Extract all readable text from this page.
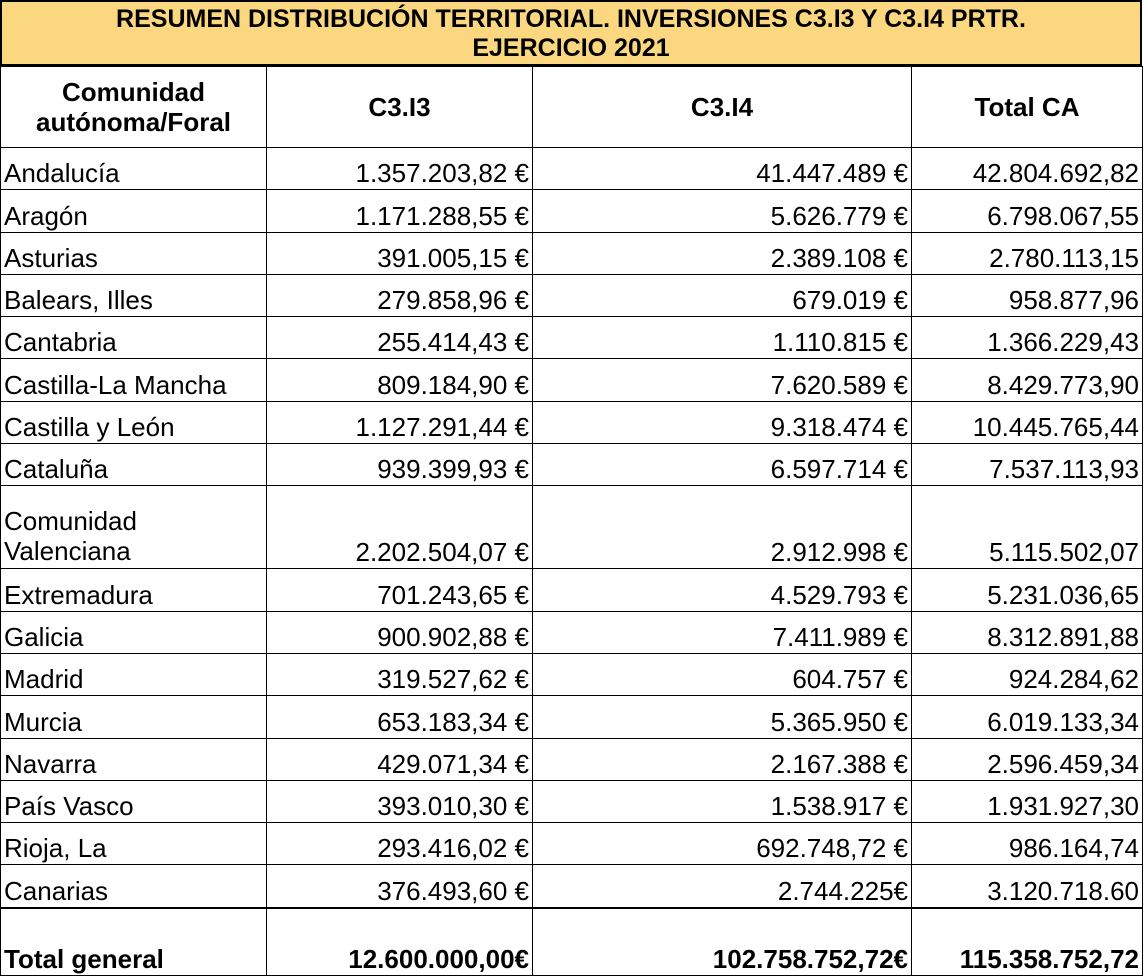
RESUMEN DISTRIBUCIÓN TERRITORIAL. INVERSIONES C3.I3 Y C3.I4 PRTR.
EJERCICIO 2021
Comunidad autónoma/Foral	C3.I3	C3.I4	Total CA
Andalucía	1.357.203,82 €	41.447.489 €	42.804.692,82
Aragón	1.171.288,55 €	5.626.779 €	6.798.067,55
Asturias	391.005,15 €	2.389.108 €	2.780.113,15
Balears, Illes	279.858,96 €	679.019 €	958.877,96
Cantabria	255.414,43 €	1.110.815 €	1.366.229,43
Castilla-La Mancha	809.184,90 €	7.620.589 €	8.429.773,90
Castilla y León	1.127.291,44 €	9.318.474 €	10.445.765,44
Cataluña	939.399,93 €	6.597.714 €	7.537.113,93
Comunidad Valenciana	2.202.504,07 €	2.912.998 €	5.115.502,07
Extremadura	701.243,65 €	4.529.793 €	5.231.036,65
Galicia	900.902,88 €	7.411.989 €	8.312.891,88
Madrid	319.527,62 €	604.757 €	924.284,62
Murcia	653.183,34 €	5.365.950 €	6.019.133,34
Navarra	429.071,34 €	2.167.388 €	2.596.459,34
País Vasco	393.010,30 €	1.538.917 €	1.931.927,30
Rioja, La	293.416,02 €	692.748,72 €	986.164,74
Canarias	376.493,60 €	2.744.225€	3.120.718.60
Total general	12.600.000,00€	102.758.752,72€	115.358.752,72
